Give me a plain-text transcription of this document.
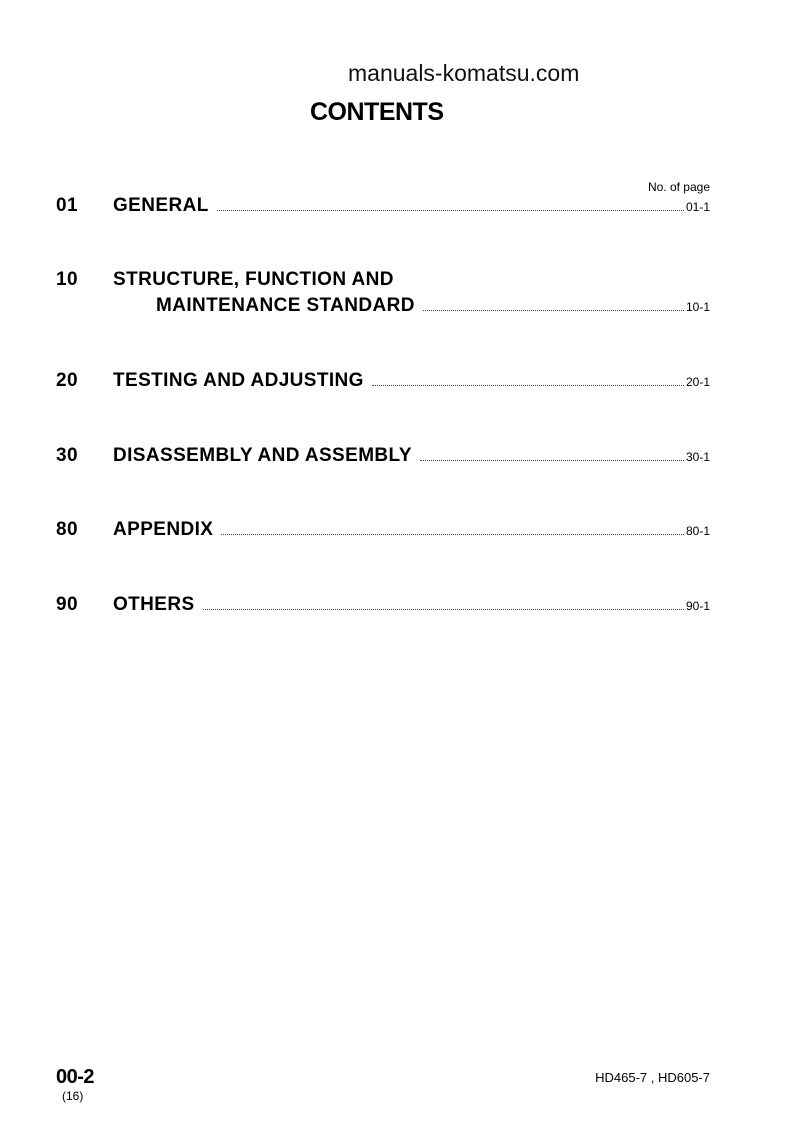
manuals-komatsu.com
CONTENTS
No. of page
01 GENERAL	01-1
10 STRUCTURE, FUNCTION AND
MAINTENANCE STANDARD	10-1
20 TESTING AND ADJUSTING	20-1
30 DISASSEMBLY AND ASSEMBLY	30-1
80 APPENDIX	80-1
90 OTHERS	90-1
00-2
(16)
HD465-7 , HD605-7
